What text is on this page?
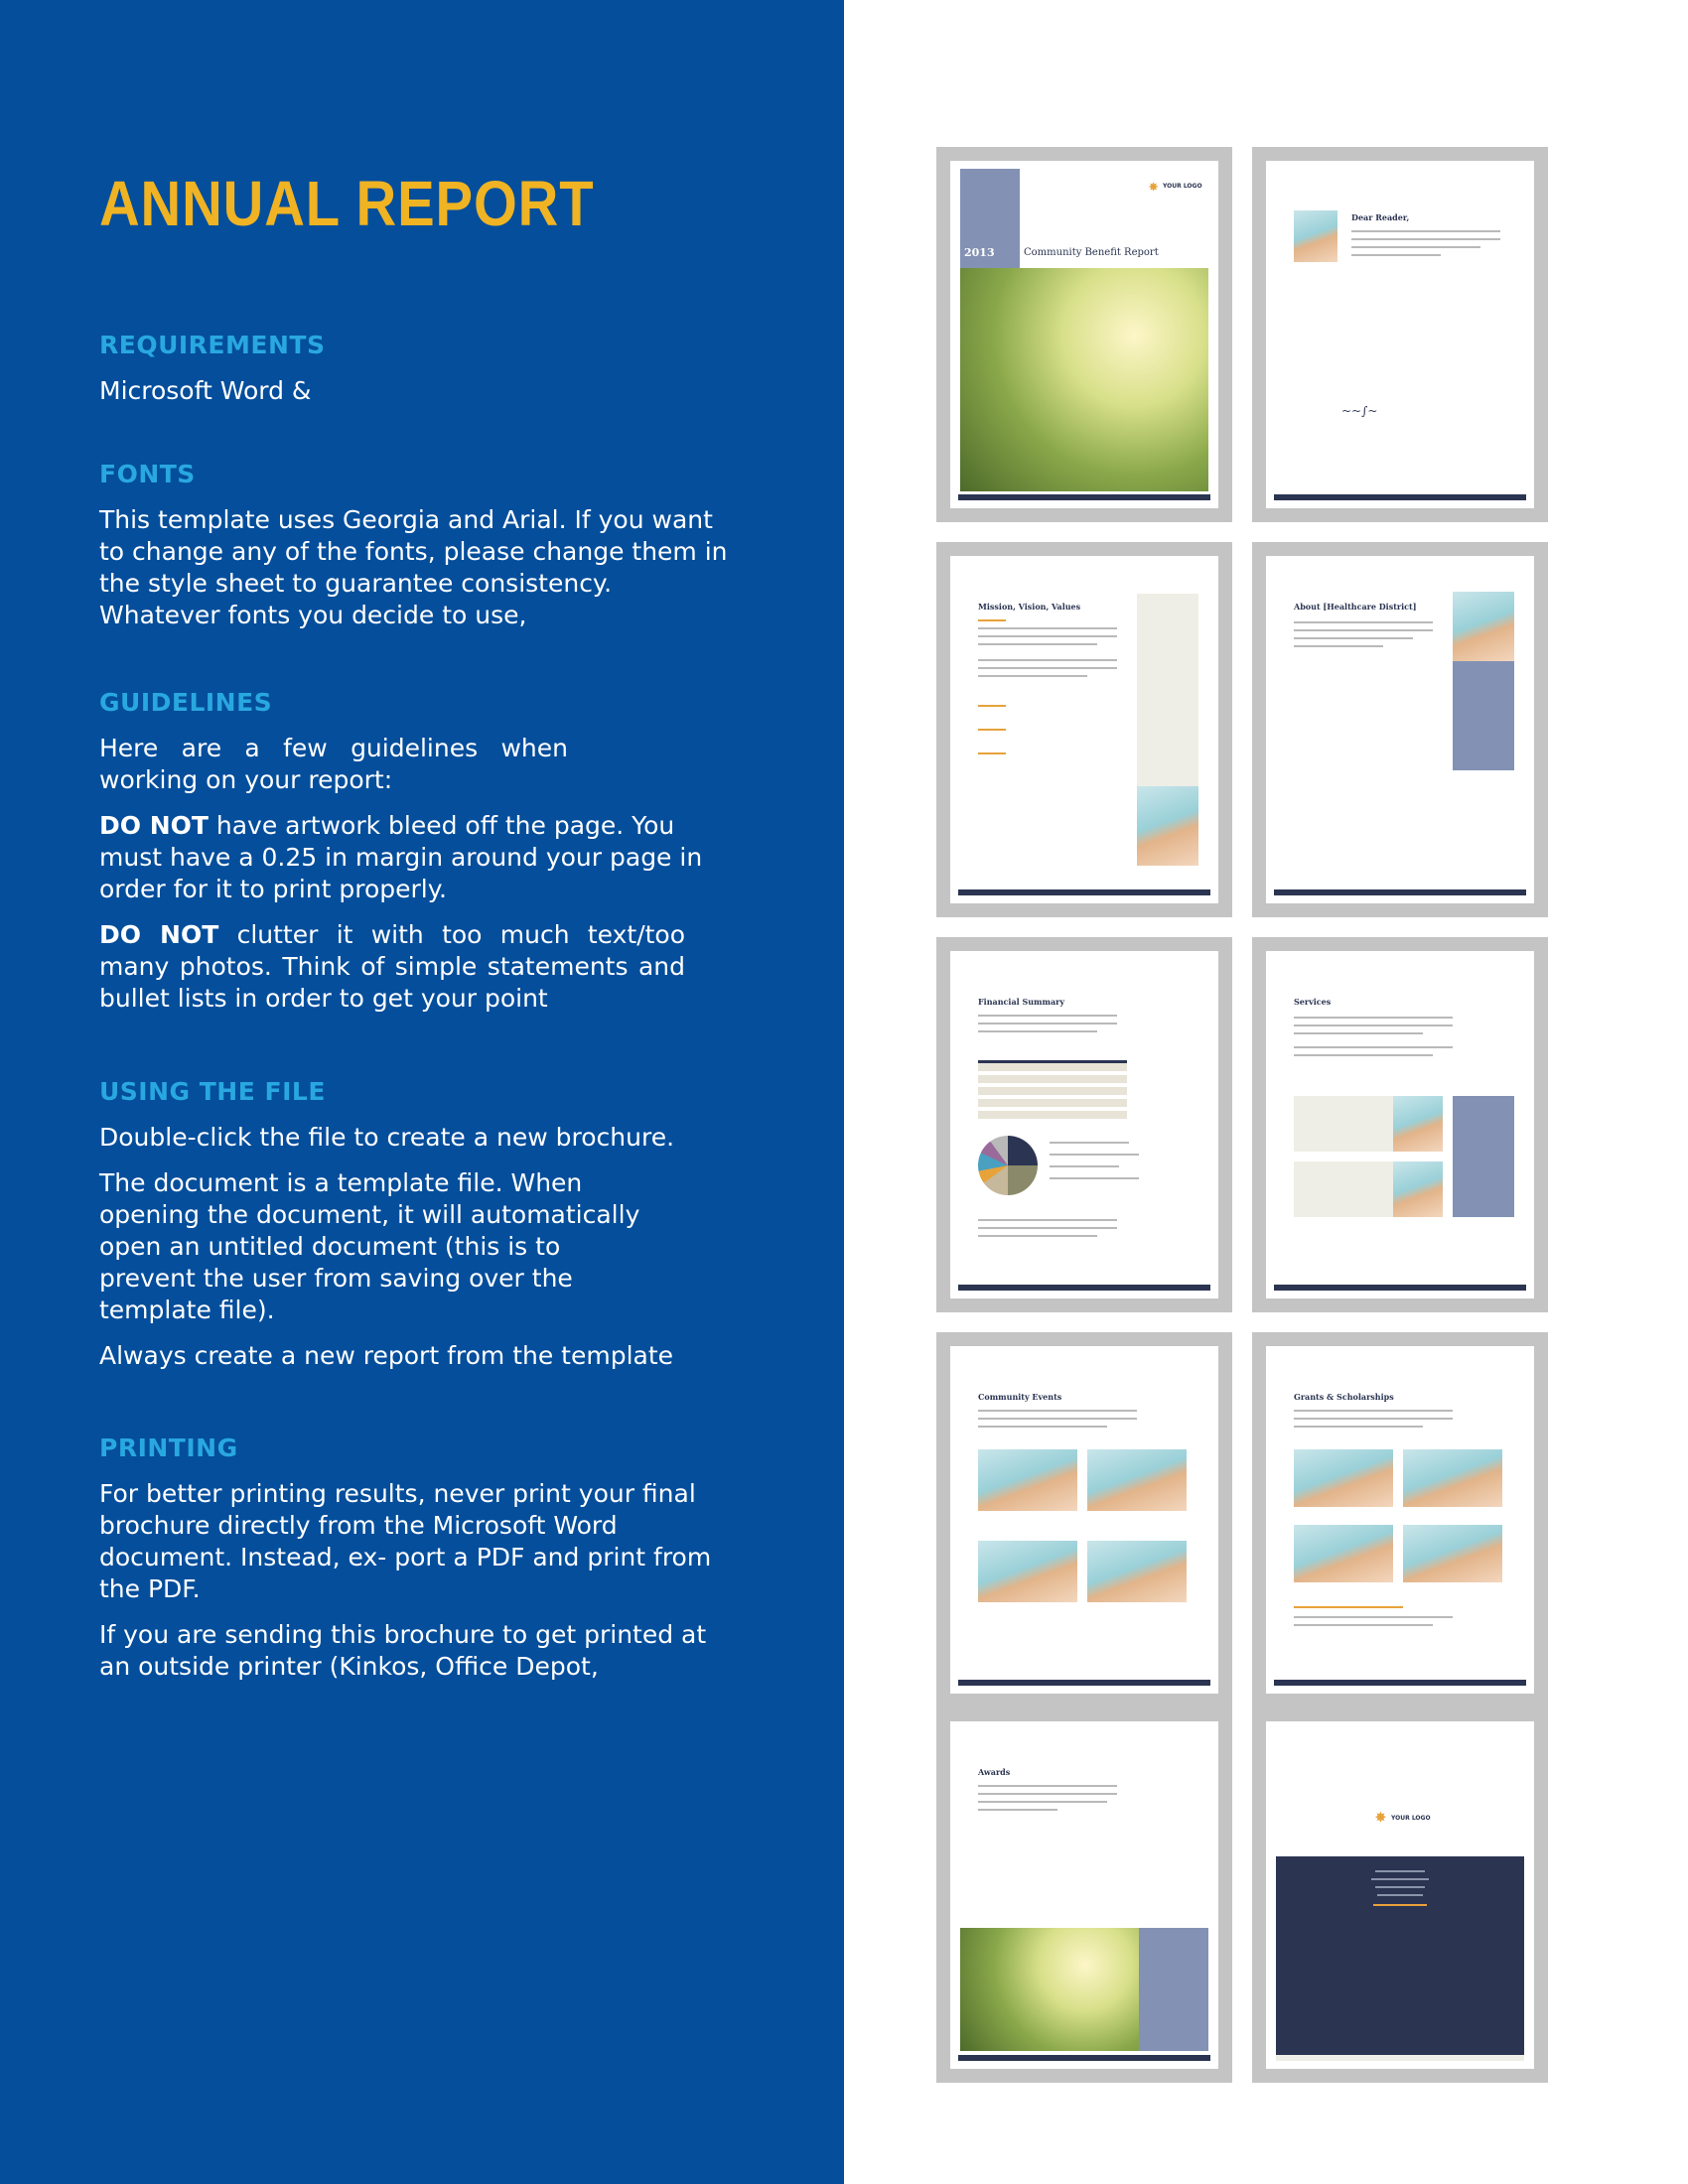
ANNUAL REPORT
REQUIREMENTS

Microsoft Word &

FONTS

This template uses Georgia and Arial. If you want to change any of the fonts, please change them in the style sheet to guarantee consistency. Whatever fonts you decide to use,

GUIDELINES

Here are a few guidelines when working on your report:

DO NOT have artwork bleed off the page. You must have a 0.25 in margin around your page in order for it to print properly.

DO NOT clutter it with too much text/too many photos. Think of simple statements and bullet lists in order to get your point

USING THE FILE

Double-click the file to create a new brochure.

The document is a template file. When opening the document, it will automatically open an untitled document (this is to prevent the user from saving over the template file).

Always create a new report from the template

PRINTING

For better printing results, never print your final brochure directly from the Microsoft Word document. Instead, ex- port a PDF and print from the PDF.

If you are sending this brochure to get printed at an outside printer (Kinkos, Office Depot,

✸ YOUR LOGO
2013	Community Benefit Report
Dear Reader,
~~∫~
Mission, Vision, Values	About [Healthcare District]
Financial Summary	Services
Community Events	Grants & Scholarships
Awards
✸ YOUR LOGO
